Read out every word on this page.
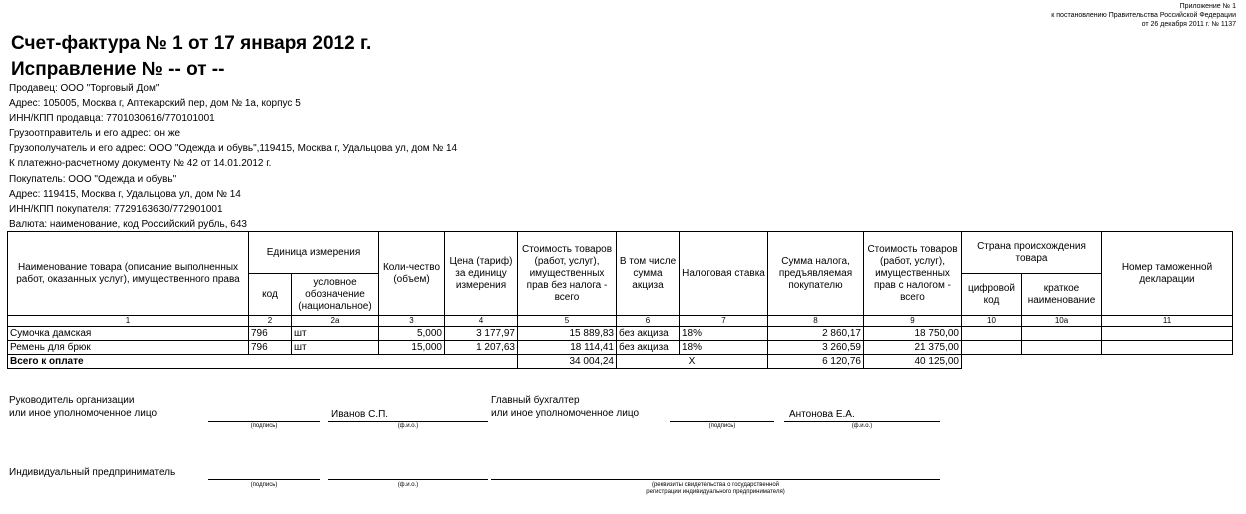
Приложение № 1
к постановлению Правительства Российской Федерации
от 26 декабря 2011 г. № 1137
Счет-фактура № 1 от 17 января 2012 г.
Исправление № -- от --
Продавец: ООО "Торговый Дом"
Адрес: 105005, Москва г, Аптекарский пер, дом № 1а, корпус 5
ИНН/КПП продавца: 7701030616/770101001
Грузоотправитель и его адрес: он же
Грузополучатель и его адрес: ООО "Одежда и обувь",119415, Москва г, Удальцова ул, дом № 14
К платежно-расчетному документу № 42 от 14.01.2012 г.
Покупатель: ООО "Одежда и обувь"
Адрес: 119415, Москва г, Удальцова ул, дом № 14
ИНН/КПП покупателя: 7729163630/772901001
Валюта: наименование, код Российский рубль, 643
Наименование товара (описание выполненных работ, оказанных услуг), имущественного права	Единица измерения		Коли-чество (объем)	Цена (тариф) за единицу измерения	Стоимость товаров (работ, услуг), имущественных прав без налога - всего	В том числе сумма акциза	Налоговая ставка	Сумма налога, предъявляемая покупателю	Стоимость товаров (работ, услуг), имущественных прав с налогом - всего	Страна происхождения товара		Номер таможенной декларации
	код	условное обозначение (национальное)								цифровой код	краткое наименование	
1	2	2а	3	4	5	6	7	8	9	10	10а	11
Сумочка дамская	796	шт	5,000	3 177,97	15 889,83	без акциза	18%	2 860,17	18 750,00			
Ремень для брюк	796	шт	15,000	1 207,63	18 114,41	без акциза	18%	3 260,59	21 375,00			
Всего к оплате					34 004,24	X		6 120,76	40 125,00			
Руководитель организации
или иное уполномоченное лицо
(подпись)
Иванов С.П.
(ф.и.о.)
Главный бухгалтер
или иное уполномоченное лицо
(подпись)
Антонова Е.А.
(ф.и.о.)
Индивидуальный предприниматель
(подпись)	(ф.и.о.)	(реквизиты свидетельства о государственной
регистрации индивидуального предпринимателя)
